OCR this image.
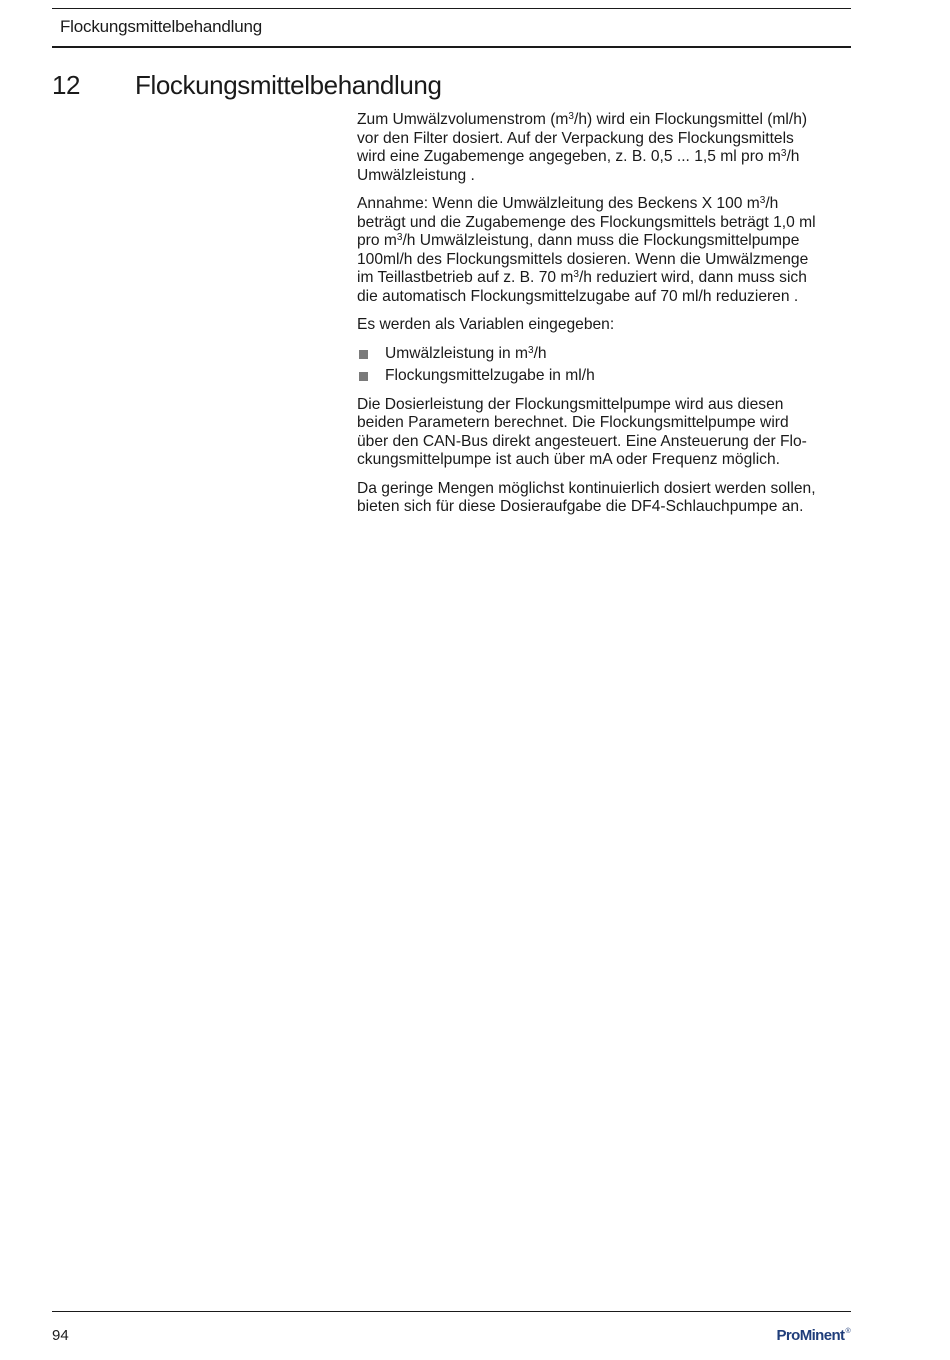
Flockungsmittelbehandlung
12 Flockungsmittelbehandlung

Zum Umwälzvolumenstrom $(m^3/h)$ wird ein Flockungsmittel (ml/h)
vor den Filter dosiert. Auf der Verpackung des Flockungsmittels
wird eine Zugabemenge angegeben, z. B. 0,5 ... 1,5 ml pro $m^3/h$
Umwälzleistung .

Annahme: Wenn die Umwälzleitung des Beckens X 100 $m^3/h$
beträgt und die Zugabemenge des Flockungsmittels beträgt 1,0 ml
pro $m^3/h$ Umwälzleistung, dann muss die Flockungsmittelpumpe
100ml/h des Flockungsmittels dosieren. Wenn die Umwälzmenge
im Teillastbetrieb auf z. B. 70 $m^3/h$ reduziert wird, dann muss sich
die automatisch Flockungsmittelzugabe auf 70 ml/h reduzieren .

Es werden als Variablen eingegeben:

Umwälzleistung in $m^3/h$
Flockungsmittelzugabe in ml/h

Die Dosierleistung der Flockungsmittelpumpe wird aus diesen
beiden Parametern berechnet. Die Flockungsmittelpumpe wird
über den CAN-Bus direkt angesteuert. Eine Ansteuerung der Flo-
ckungsmittelpumpe ist auch über mA oder Frequenz möglich.

Da geringe Mengen möglichst kontinuierlich dosiert werden sollen,
bieten sich für diese Dosieraufgabe die DF4-Schlauchpumpe an.

94	ProMinent®
